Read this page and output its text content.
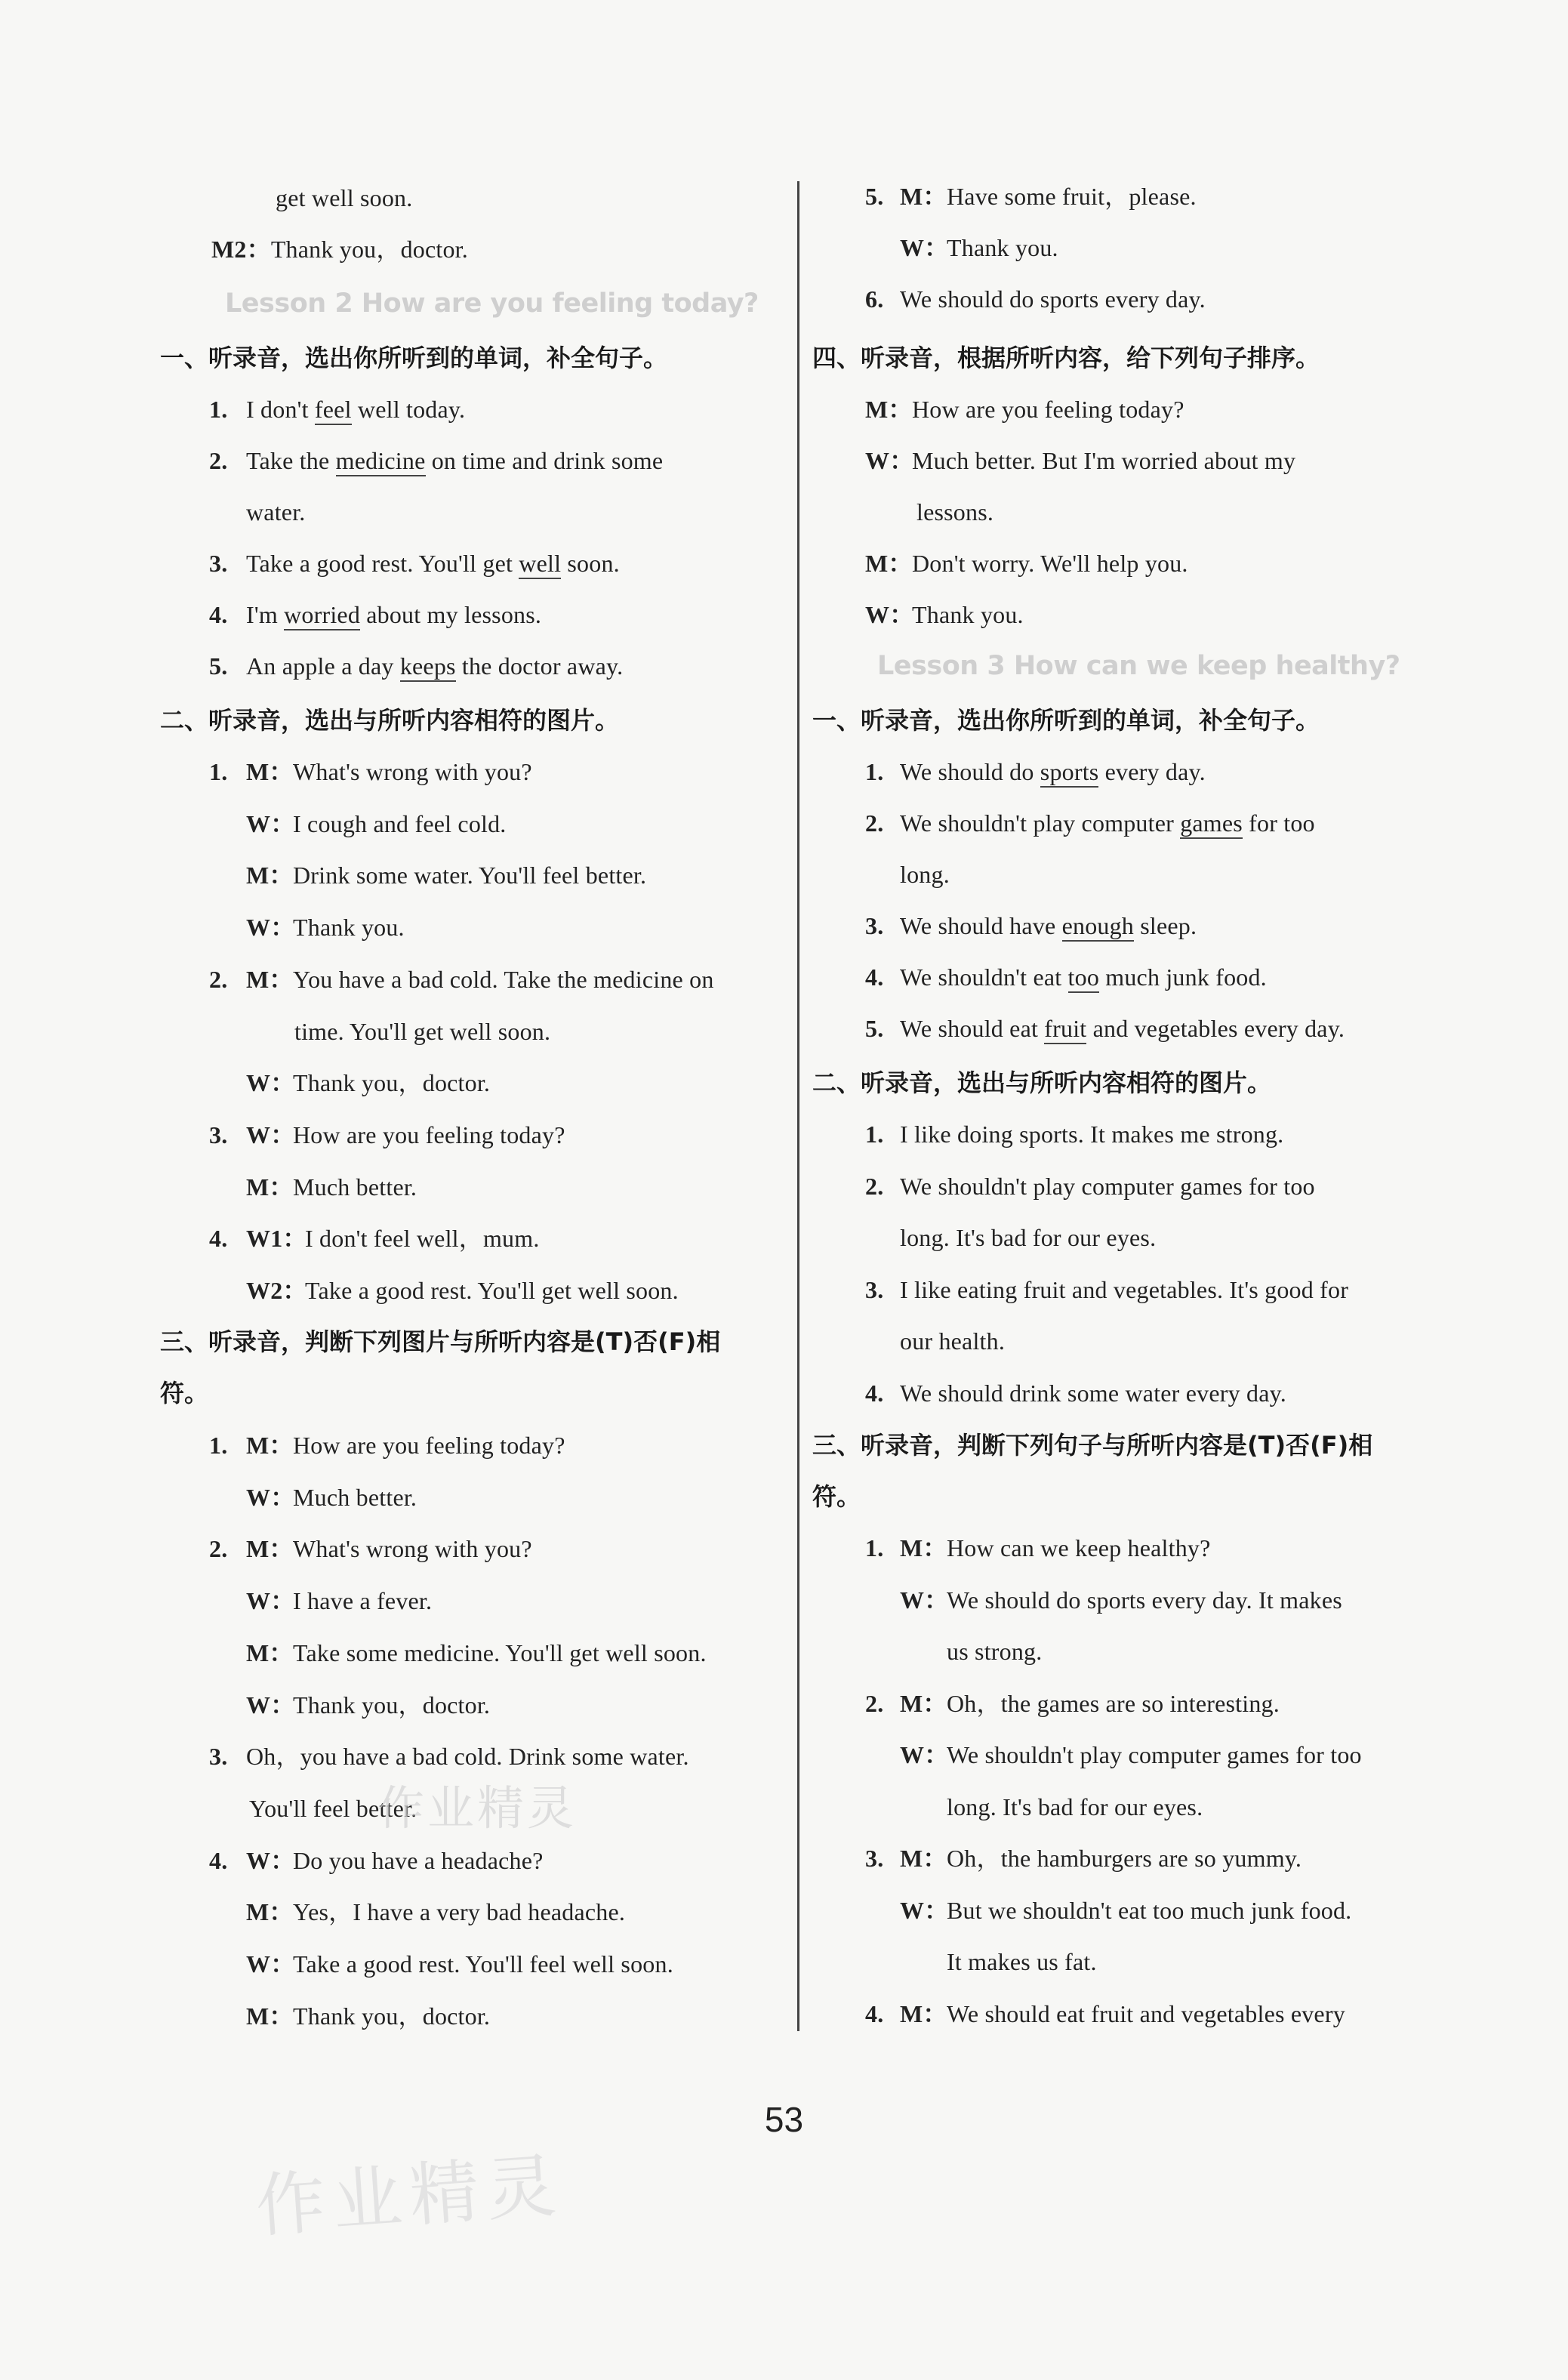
get well soon.
M2：Thank you，doctor.
Lesson 2 How are you feeling today?
一、听录音，选出你所听到的单词，补全句子。
1. I don't feel well today.
2. Take the medicine on time and drink some
water.
3. Take a good rest. You'll get well soon.
4. I'm worried about my lessons.
5. An apple a day keeps the doctor away.
二、听录音，选出与所听内容相符的图片。
1. M： What's wrong with you?
W：
I cough and feel cold.
M： Drink some water. You'll feel better.
W：
Thank you.
2. M： You have a bad cold. Take the medicine on
time. You'll get well soon.
W：
Thank you，doctor.
3. W：
How are you feeling today?
M： Much better.
4. W1：
I don't feel well，mum.
W2：
Take a good rest. You'll get well soon.
三、听录音，判断下列图片与所听内容是(T)否(F)相
符。
1. M： How are you feeling today?
W：
Much better.
2. M： What's wrong with you?
W：
I have a fever.
M： Take some medicine. You'll get well soon.
W：
Thank you，doctor.
3. Oh，you have a bad cold. Drink some water.
You'll feel better.
4. W：
Do you have a headache?
M： Yes，I have a very bad headache.
W：
Take a good rest. You'll feel well soon.
M： Thank you，doctor.
5. M： Have some fruit，please.
W：
Thank you.
6. We should do sports every day.
四、听录音，根据所听内容，给下列句子排序。
M： How are you feeling today?
W：
Much better. But I'm worried about my
lessons.
M： Don't worry. We'll help you.
W：
Thank you.
Lesson 3 How can we keep healthy?
一、听录音，选出你所听到的单词，补全句子。
1. We should do sports every day.
2. We shouldn't play computer games for too
long.
3. We should have enough sleep.
4. We shouldn't eat too much junk food.
5. We should eat fruit and vegetables every day.
二、听录音，选出与所听内容相符的图片。
1. I like doing sports. It makes me strong.
2. We shouldn't play computer games for too
long. It's bad for our eyes.
3. I like eating fruit and vegetables. It's good for
our health.
4. We should drink some water every day.
三、听录音，判断下列句子与所听内容是(T)否(F)相
符。
1. M： How can we keep healthy?
W：
We should do sports every day. It makes
us strong.
2. M： Oh，the games are so interesting.
W：
We shouldn't play computer games for too
long. It's bad for our eyes.
3. M： Oh，the hamburgers are so yummy.
W：
But we shouldn't eat too much junk food.
It makes us fat.
4. M： We should eat fruit and vegetables every
作业精灵
53
作业精灵
